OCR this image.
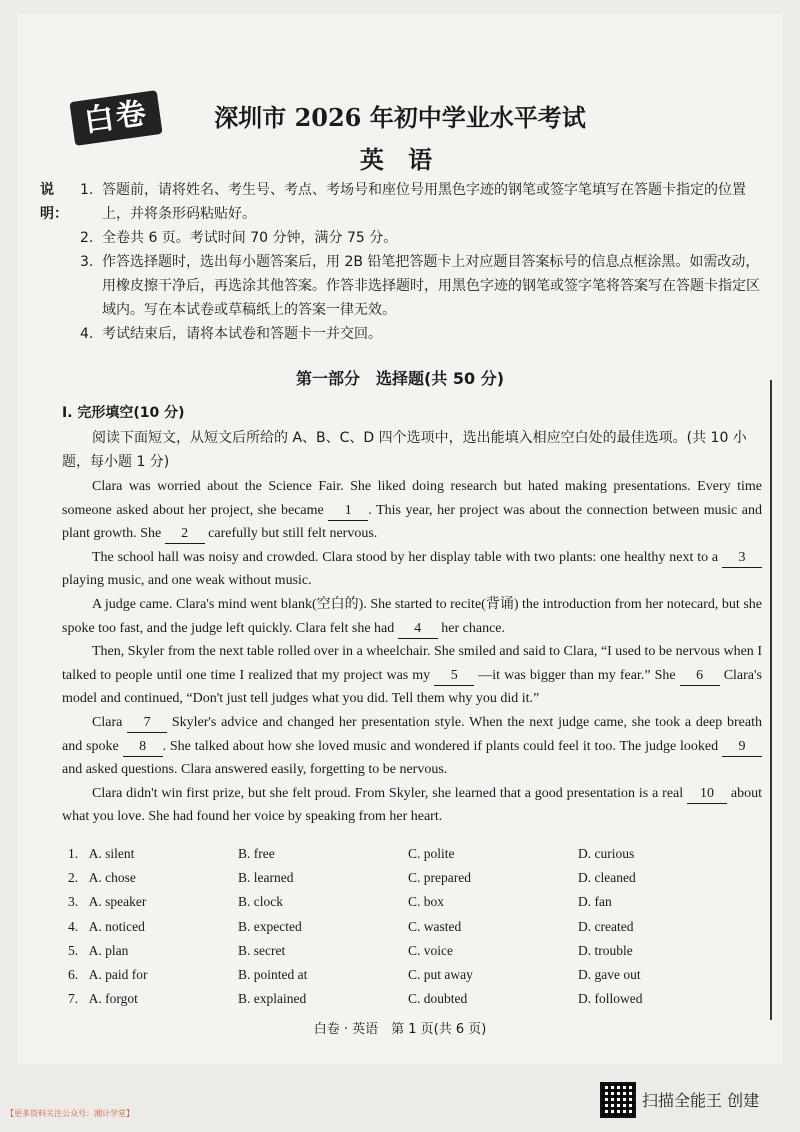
白卷	深圳市 2026 年初中学业水平考试
英 语
说明：
1. 答题前，请将姓名、考生号、考点、考场号和座位号用黑色字迹的钢笔或签字笔填写在答题卡指定的位置上，并将条形码粘贴好。
2. 全卷共 6 页。考试时间 70 分钟，满分 75 分。
3. 作答选择题时，选出每小题答案后，用 2B 铅笔把答题卡上对应题目答案标号的信息点框涂黑。如需改动，用橡皮擦干净后，再选涂其他答案。作答非选择题时，用黑色字迹的钢笔或签字笔将答案写在答题卡指定区域内。写在本试卷或草稿纸上的答案一律无效。
4. 考试结束后，请将本试卷和答题卡一并交回。
第一部分　选择题(共 50 分)
Ⅰ. 完形填空(10 分)
阅读下面短文，从短文后所给的 A、B、C、D 四个选项中，选出能填入相应空白处的最佳选项。(共 10 小题，每小题 1 分)

Clara was worried about the Science Fair. She liked doing research but hated making presentations. Every time someone asked about her project, she became 1 . This year, her project was about the connection between music and plant growth. She 2 carefully but still felt nervous.

The school hall was noisy and crowded. Clara stood by her display table with two plants: one healthy next to a 3 playing music, and one weak without music.

A judge came. Clara's mind went blank(空白的). She started to recite(背诵) the introduction from her notecard, but she spoke too fast, and the judge left quickly. Clara felt she had 4 her chance.

Then, Skyler from the next table rolled over in a wheelchair. She smiled and said to Clara, “I used to be nervous when I talked to people until one time I realized that my project was my 5 —it was bigger than my fear.” She 6 Clara's model and continued, “Don't just tell judges what you did. Tell them why you did it.”

Clara 7 Skyler's advice and changed her presentation style. When the next judge came, she took a deep breath and spoke 8 . She talked about how she loved music and wondered if plants could feel it too. The judge looked 9 and asked questions. Clara answered easily, forgetting to be nervous.

Clara didn't win first prize, but she felt proud. From Skyler, she learned that a good presentation is a real 10 about what you love. She had found her voice by speaking from her heart.

1. A. silent	B. free	C. polite	D. curious
2. A. chose	B. learned	C. prepared	D. cleaned
3. A. speaker	B. clock	C. box	D. fan
4. A. noticed	B. expected	C. wasted	D. created
5. A. plan	B. secret	C. voice	D. trouble
6. A. paid for	B. pointed at	C. put away	D. gave out
7. A. forgot	B. explained	C. doubted	D. followed
白卷 · 英语　第 1 页(共 6 页)
【更多资料关注公众号：湘计学堂】
扫描全能王 创建
